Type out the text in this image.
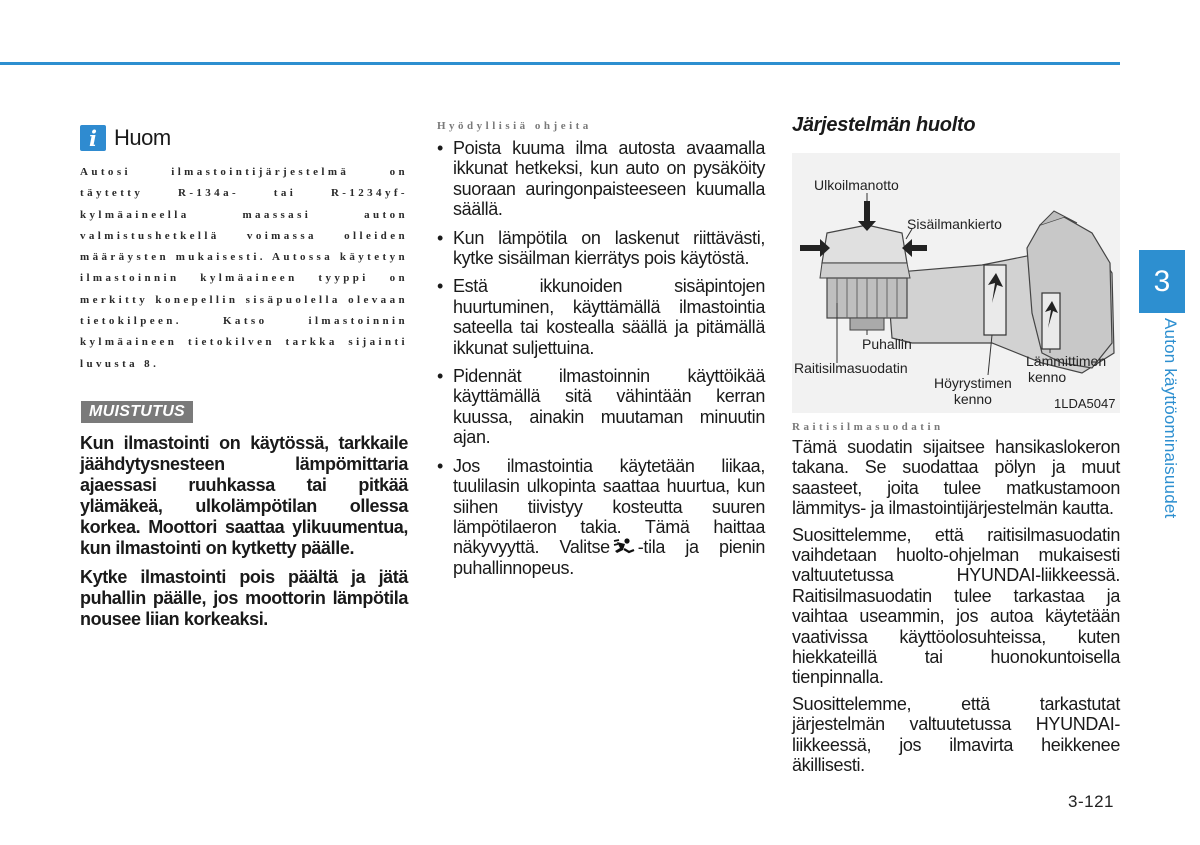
i Huom
Autosi ilmastointijärjestelmä on täytetty R-134a- tai R-1234yf-kylmäaineella maassasi auton valmistushetkellä voimassa olleiden määräysten mukaisesti. Autossa käytetyn ilmastoinnin kylmäaineen tyyppi on merkitty konepellin sisäpuolella olevaan tietokilpeen. Katso ilmastoinnin kylmäaineen tietokilven tarkka sijainti luvusta 8.
MUISTUTUS

Kun ilmastointi on käytössä, tarkkaile jäähdytysnesteen lämpömittaria ajaessasi ruuhkassa tai pitkää ylämäkeä, ulkolämpötilan ollessa korkea. Moottori saattaa ylikuumentua, kun ilmastointi on kytketty päälle.

Kytke ilmastointi pois päältä ja jätä puhallin päälle, jos moottorin lämpötila nousee liian korkeaksi.

Hyödyllisiä ohjeita
• Poista kuuma ilma autosta avaamalla ikkunat hetkeksi, kun auto on pysäköity suoraan auringonpaisteeseen kuumalla säällä.
• Kun lämpötila on laskenut riittävästi, kytke sisäilman kierrätys pois käytöstä.
• Estä ikkunoiden sisäpintojen huurtuminen, käyttämällä ilmastointia sateella tai kostealla säällä ja pitämällä ikkunat suljettuina.
• Pidennät ilmastoinnin käyttöikää käyttämällä sitä vähintään kerran kuussa, ainakin muutaman minuutin ajan.
• Jos ilmastointia käytetään liikaa, tuulilasin ulkopinta saattaa huurtua, kun siihen tiivistyy kosteutta suuren lämpötilaeron takia. Tämä haittaa näkyvyyttä. Valitse -tila ja pienin puhallinnopeus.
Järjestelmän huolto
Ulkoilmanotto
Sisäilmankierto
Puhallin
Raitisilmasuodatin
Höyrystimen
kenno
Lämmittimen
kenno
1LDA5047
Raitisilmasuodatin

Tämä suodatin sijaitsee hansikaslokeron takana. Se suodattaa pölyn ja muut saasteet, joita tulee matkustamoon lämmitys- ja ilmastointijärjestelmän kautta.

Suosittelemme, että raitisilmasuodatin vaihdetaan huolto-ohjelman mukaisesti valtuutetussa HYUNDAI-liikkeessä. Raitisilmasuodatin tulee tarkastaa ja vaihtaa useammin, jos autoa käytetään vaativissa käyttöolosuhteissa, kuten hiekkateillä tai huonokuntoisella tienpinnalla.

Suosittelemme, että tarkastutat järjestelmän valtuutetussa HYUNDAI-liikkeessä, jos ilmavirta heikkenee äkillisesti.

3
Auton käyttöominaisuudet
3-121
